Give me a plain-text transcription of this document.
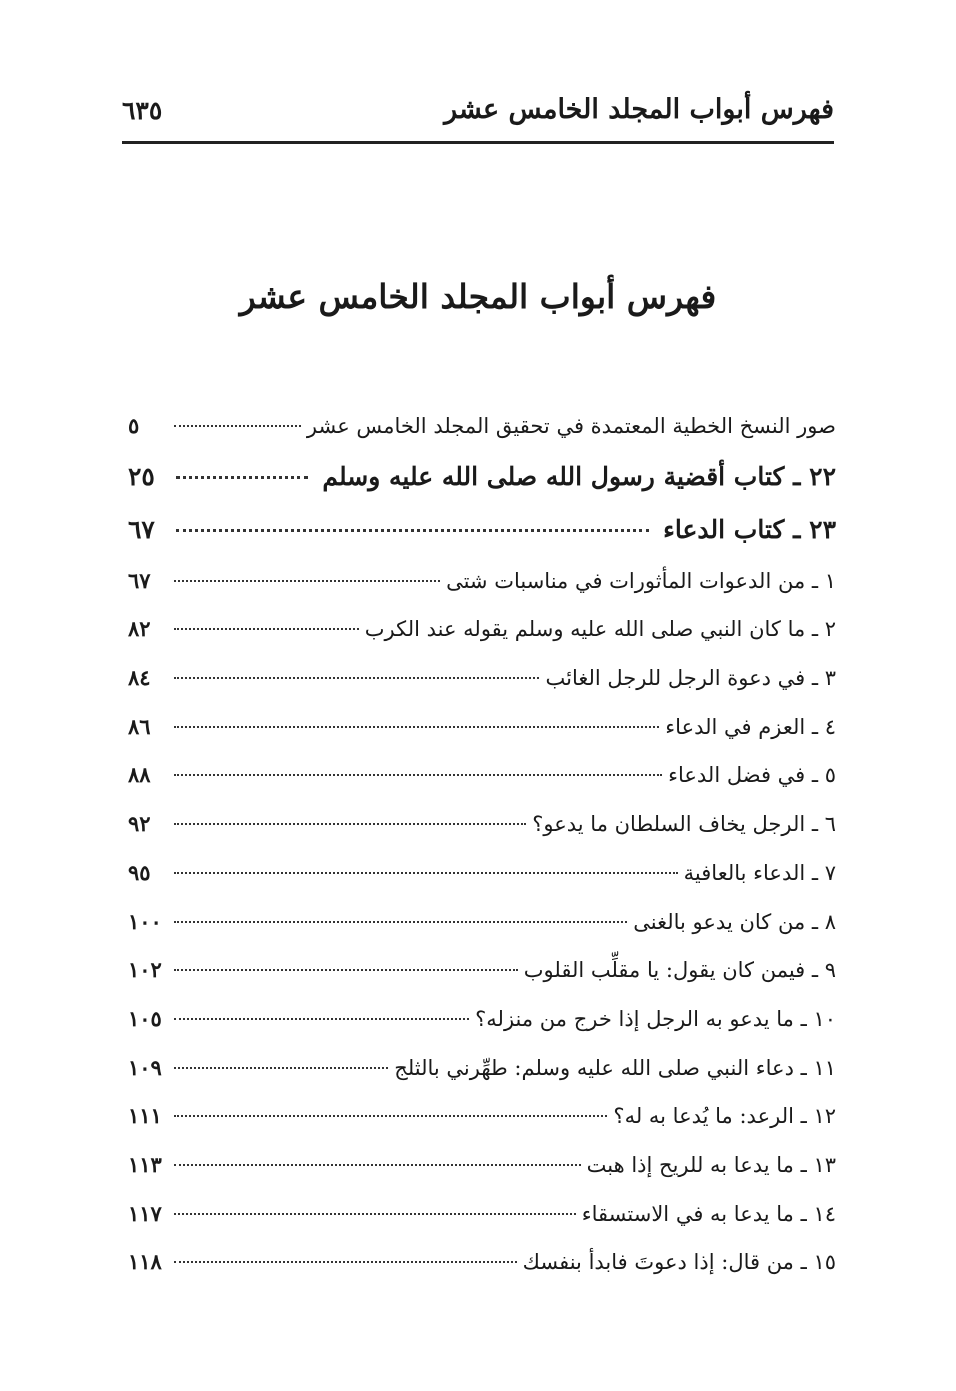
فهرس أبواب المجلد الخامس عشر
٦٣٥
فهرس أبواب المجلد الخامس عشر
صور النسخ الخطية المعتمدة في تحقيق المجلد الخامس عشر
٥
٢٢ ـ كتاب أقضية رسول الله صلى الله عليه وسلم
٢٥
٢٣ ـ كتاب الدعاء
٦٧
١ ـ من الدعوات المأثورات في مناسبات شتى
٦٧
٢ ـ ما كان النبي صلى الله عليه وسلم يقوله عند الكرب
٨٢
٣ ـ في دعوة الرجل للرجل الغائب
٨٤
٤ ـ العزم في الدعاء
٨٦
٥ ـ في فضل الدعاء
٨٨
٦ ـ الرجل يخاف السلطان ما يدعو؟
٩٢
٧ ـ الدعاء بالعافية
٩٥
٨ ـ من كان يدعو بالغنى
١٠٠
٩ ـ فيمن كان يقول: يا مقلِّب القلوب
١٠٢
١٠ ـ ما يدعو به الرجل إذا خرج من منزله؟
١٠٥
١١ ـ دعاء النبي صلى الله عليه وسلم: طهِّرني بالثلج
١٠٩
١٢ ـ الرعد: ما يُدعا به له؟
١١١
١٣ ـ ما يدعا به للريح إذا هبت
١١٣
١٤ ـ ما يدعا به في الاستسقاء
١١٧
١٥ ـ من قال: إذا دعوتَ فابدأ بنفسك
١١٨
